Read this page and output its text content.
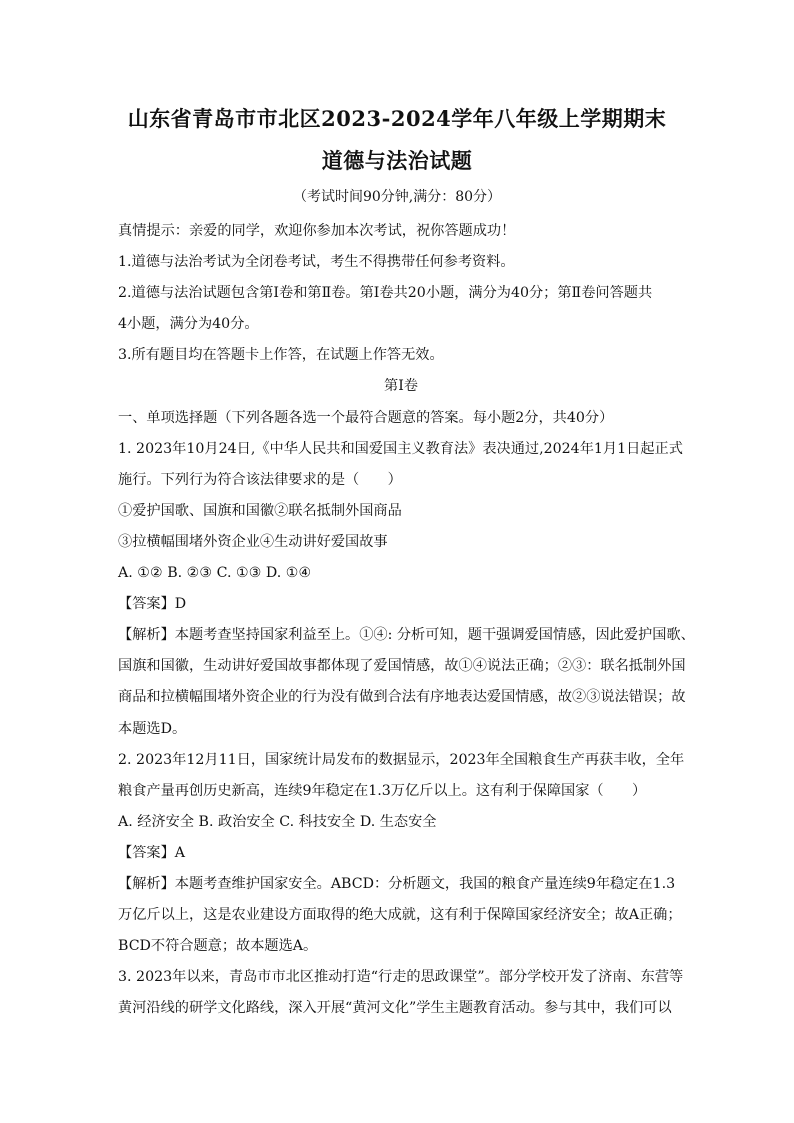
山东省青岛市市北区2023-2024学年八年级上学期期末
道德与法治试题
（考试时间90分钟,满分：80分）
真情提示：亲爱的同学，欢迎你参加本次考试，祝你答题成功！
1.道德与法治考试为全闭卷考试，考生不得携带任何参考资料。
2.道德与法治试题包含第Ⅰ卷和第Ⅱ卷。第Ⅰ卷共20小题，满分为40分；第Ⅱ卷问答题共
4小题，满分为40分。
3.所有题目均在答题卡上作答，在试题上作答无效。
第Ⅰ卷
一、单项选择题（下列各题各选一个最符合题意的答案。每小题2分，共40分）
1. 2023年10月24日,《中华人民共和国爱国主义教育法》表决通过,2024年1月1日起正式
施行。下列行为符合该法律要求的是（　　）
①爱护国歌、国旗和国徽②联名抵制外国商品
③拉横幅围堵外资企业④生动讲好爱国故事
A. ①② B. ②③ C. ①③ D. ①④
【答案】D
【解析】本题考查坚持国家利益至上。①④: 分析可知，题干强调爱国情感，因此爱护国歌、
国旗和国徽，生动讲好爱国故事都体现了爱国情感，故①④说法正确；②③：联名抵制外国
商品和拉横幅围堵外资企业的行为没有做到合法有序地表达爱国情感，故②③说法错误；故
本题选D。
2. 2023年12月11日，国家统计局发布的数据显示，2023年全国粮食生产再获丰收，全年
粮食产量再创历史新高，连续9年稳定在1.3万亿斤以上。这有利于保障国家（　　）
A. 经济安全 B. 政治安全 C. 科技安全 D. 生态安全
【答案】A
【解析】本题考查维护国家安全。ABCD：分析题文，我国的粮食产量连续9年稳定在1.3
万亿斤以上，这是农业建设方面取得的绝大成就，这有利于保障国家经济安全；故A正确；
BCD不符合题意；故本题选A。
3. 2023年以来，青岛市市北区推动打造“行走的思政课堂”。部分学校开发了济南、东营等
黄河沿线的研学文化路线，深入开展“黄河文化”学生主题教育活动。参与其中，我们可以
